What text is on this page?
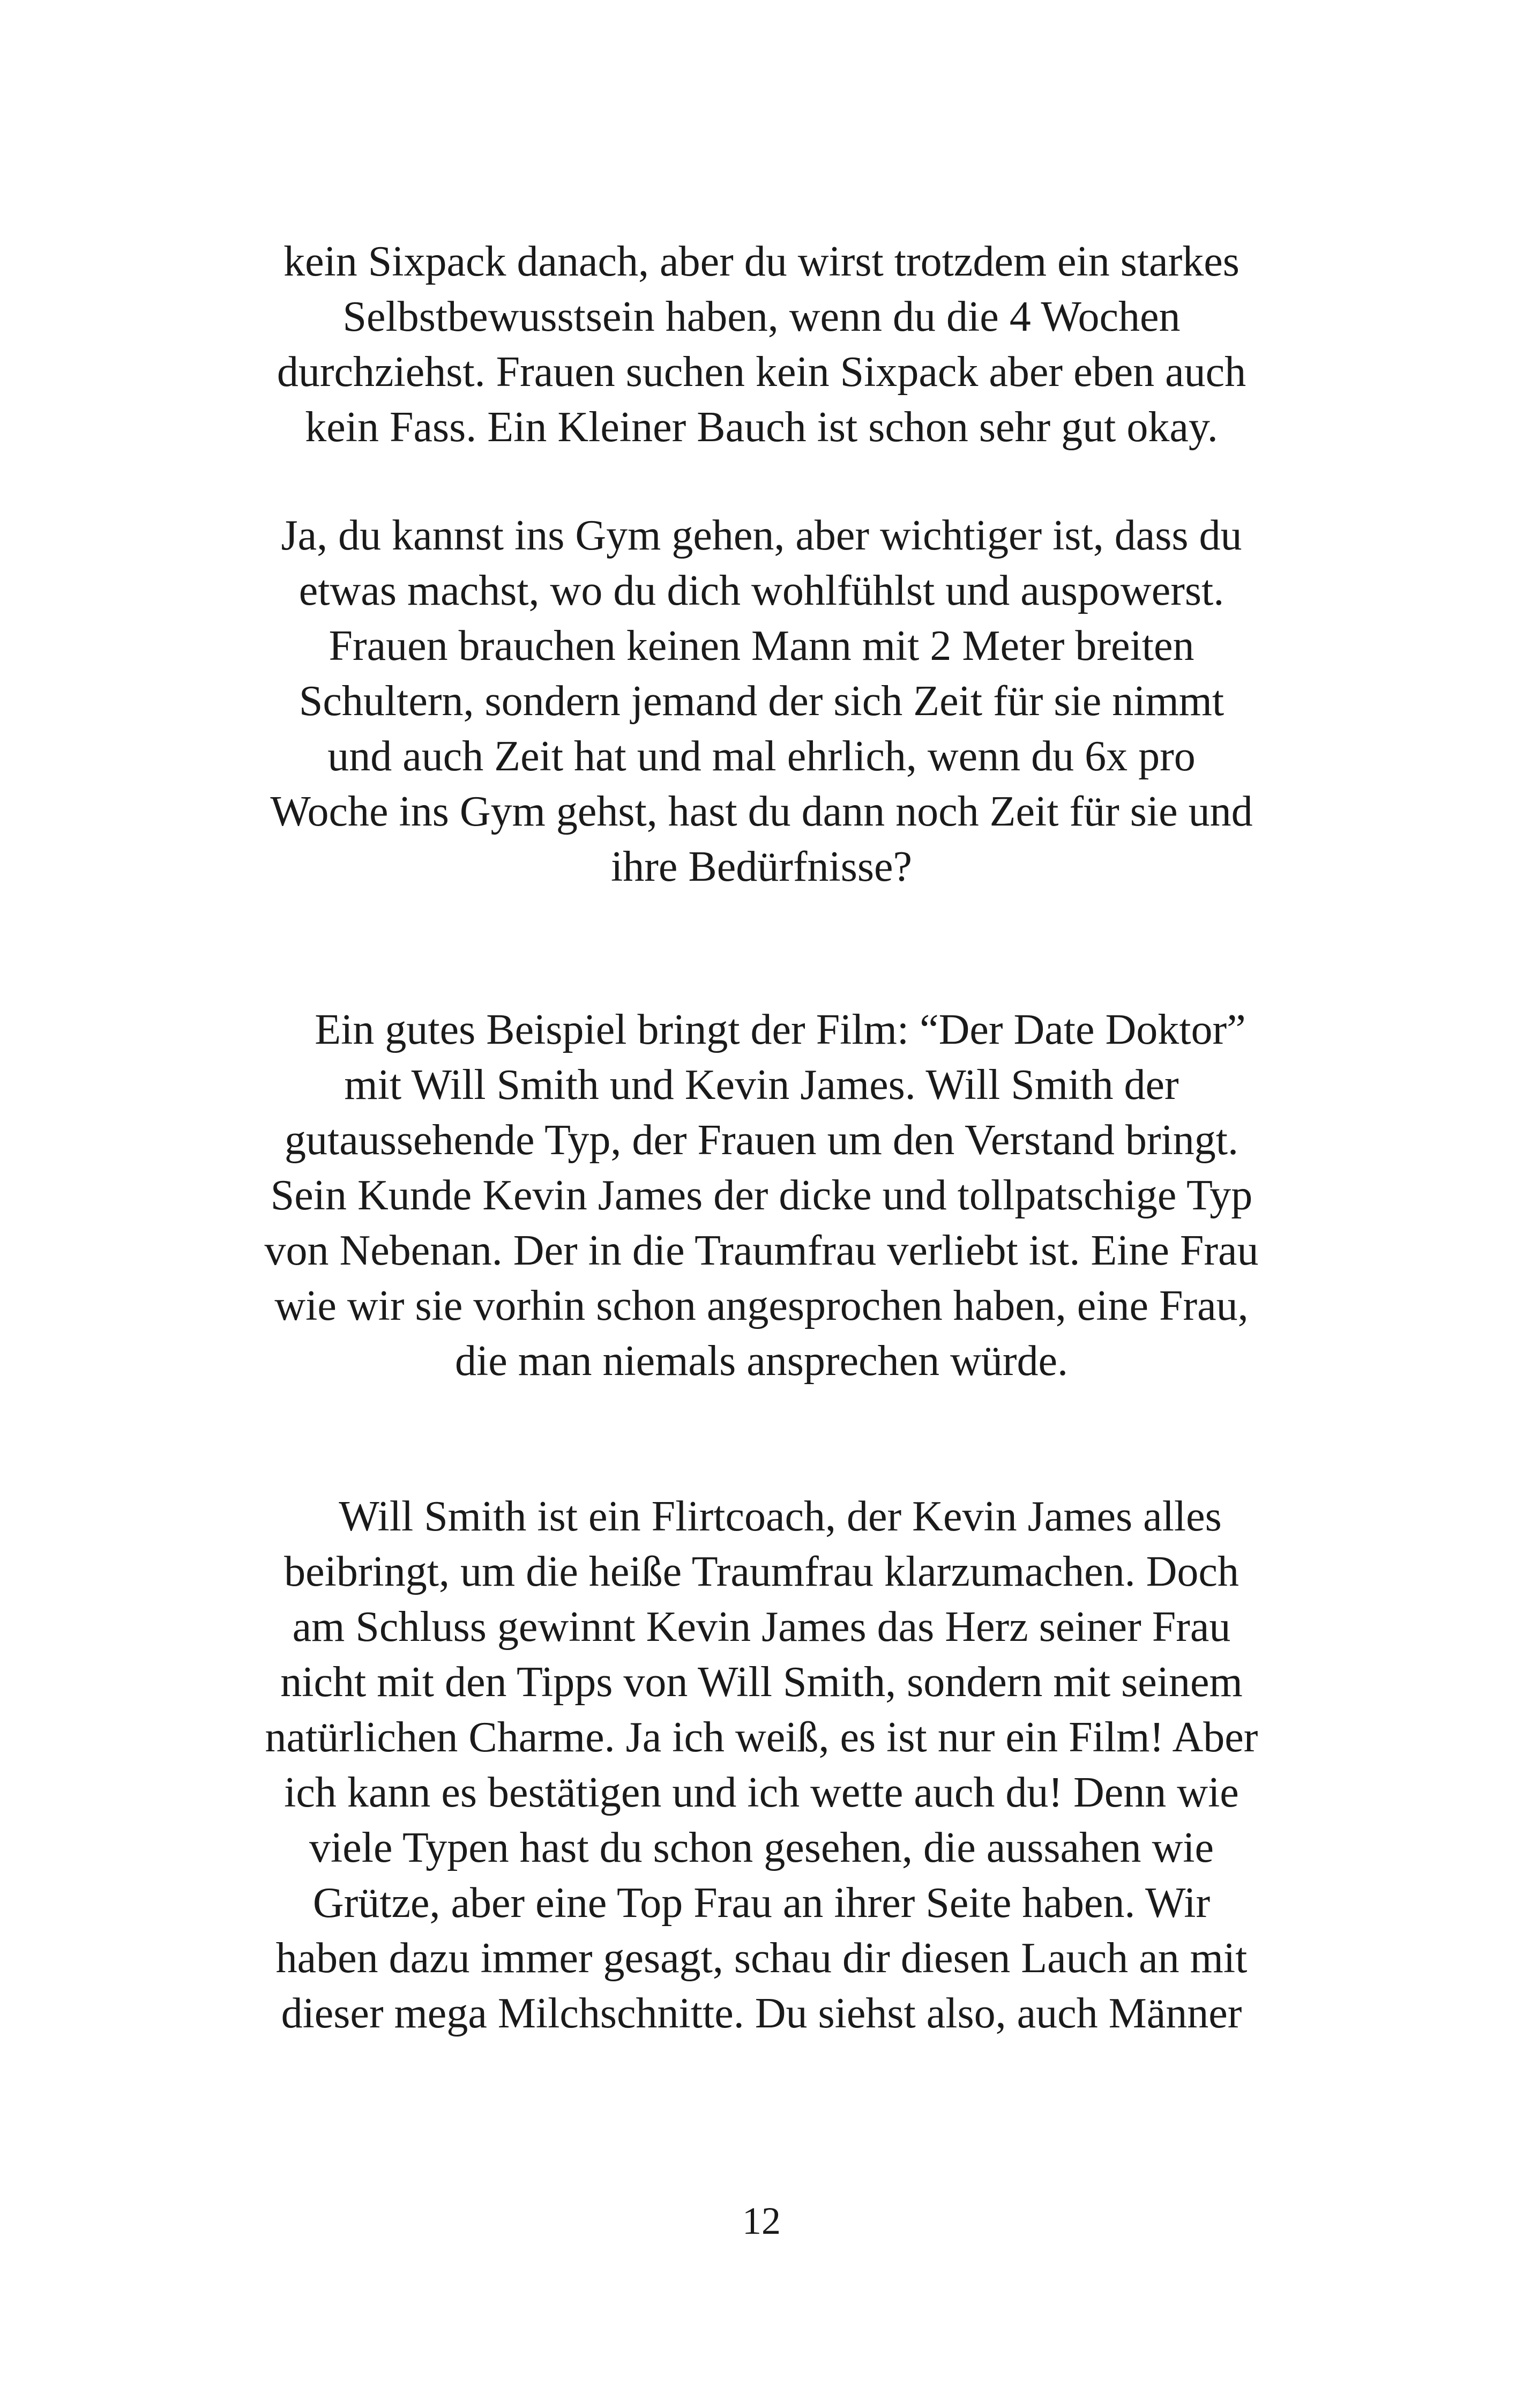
kein Sixpack danach, aber du wirst trotzdem ein starkes
Selbstbewusstsein haben, wenn du die 4 Wochen
durchziehst. Frauen suchen kein Sixpack aber eben auch
kein Fass. Ein Kleiner Bauch ist schon sehr gut okay.
Ja, du kannst ins Gym gehen, aber wichtiger ist, dass du
etwas machst, wo du dich wohlfühlst und auspowerst.
Frauen brauchen keinen Mann mit 2 Meter breiten
Schultern, sondern jemand der sich Zeit für sie nimmt
und auch Zeit hat und mal ehrlich, wenn du 6x pro
Woche ins Gym gehst, hast du dann noch Zeit für sie und
ihre Bedürfnisse?
Ein gutes Beispiel bringt der Film: “Der Date Doktor”
mit Will Smith und Kevin James. Will Smith der
gutaussehende Typ, der Frauen um den Verstand bringt.
Sein Kunde Kevin James der dicke und tollpatschige Typ
von Nebenan. Der in die Traumfrau verliebt ist. Eine Frau
wie wir sie vorhin schon angesprochen haben, eine Frau,
die man niemals ansprechen würde.
Will Smith ist ein Flirtcoach, der Kevin James alles
beibringt, um die heiße Traumfrau klarzumachen. Doch
am Schluss gewinnt Kevin James das Herz seiner Frau
nicht mit den Tipps von Will Smith, sondern mit seinem
natürlichen Charme. Ja ich weiß, es ist nur ein Film! Aber
ich kann es bestätigen und ich wette auch du! Denn wie
viele Typen hast du schon gesehen, die aussahen wie
Grütze, aber eine Top Frau an ihrer Seite haben. Wir
haben dazu immer gesagt, schau dir diesen Lauch an mit
dieser mega Milchschnitte. Du siehst also, auch Männer
12
